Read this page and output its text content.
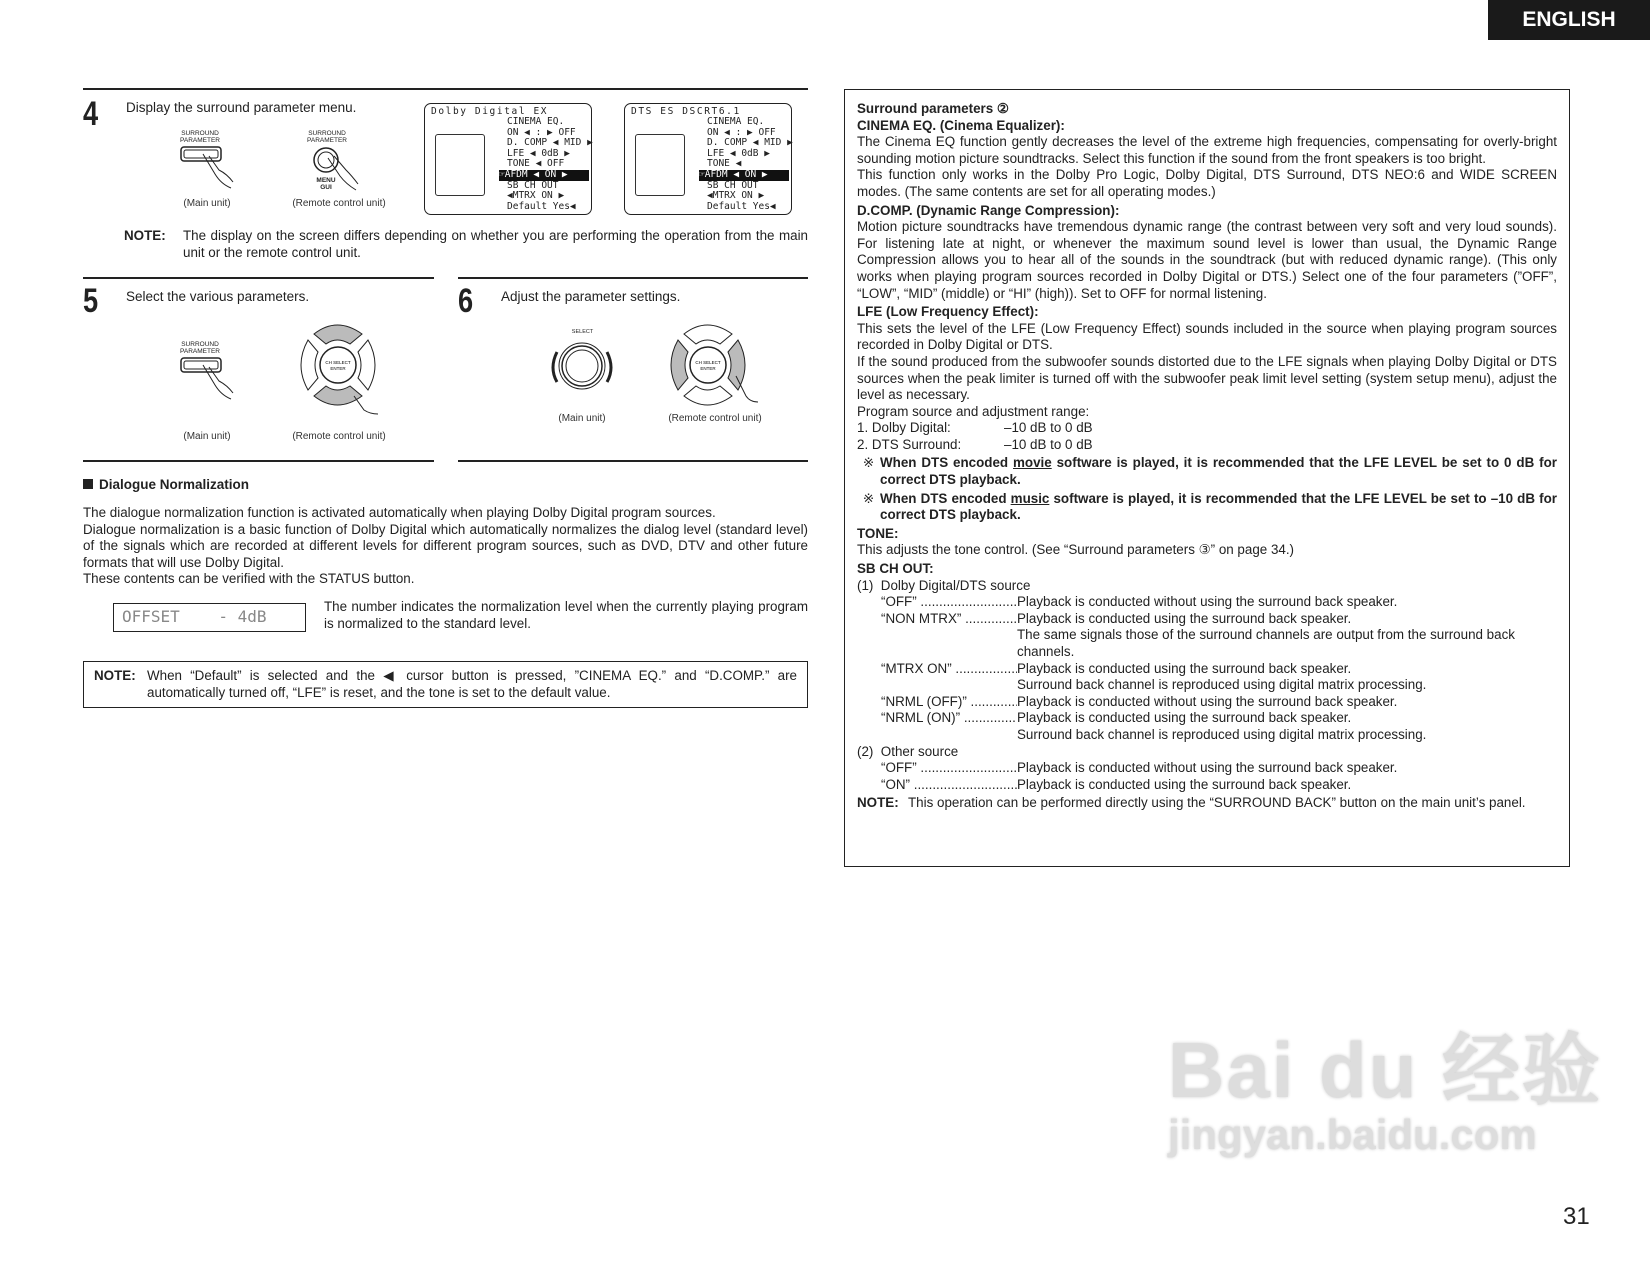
ENGLISH
4 Display the surround parameter menu.
SURROUND PARAMETER
SURROUND PARAMETER
MENU GUI
(Main unit)	(Remote control unit)
Dolby Digital EX
CINEMA EQ.
ON ◀ : ▶ OFF
D. COMP ◀ MID ▶
LFE ◀ 0dB ▶
TONE ◀ OFF
☞AFDM ◀ ON ▶
SB CH OUT
◀MTRX ON ▶
Default Yes◀
DTS ES DSCRT6.1
CINEMA EQ.
ON ◀ : ▶ OFF
D. COMP ◀ MID ▶
LFE ◀ 0dB ▶
TONE ◀
☞AFDM ◀ ON ▶
SB CH OUT
◀MTRX ON ▶
Default Yes◀
NOTE:	The display on the screen differs depending on whether you are performing the operation from the main unit or the remote control unit.
5 Select the various parameters.
SURROUND PARAMETER
CH SELECT
ENTER
(Main unit)	(Remote control unit)
6 Adjust the parameter settings.
SELECT
CH SELECT
ENTER
(Main unit)	(Remote control unit)
Dialogue Normalization

The dialogue normalization function is activated automatically when playing Dolby Digital program sources.

Dialogue normalization is a basic function of Dolby Digital which automatically normalizes the dialog level (standard level) of the signals which are recorded at different levels for different program sources, such as DVD, DTV and other future formats that will use Dolby Digital.

These contents can be verified with the STATUS button.

OFFSET    - 4dB
The number indicates the normalization level when the currently playing program is normalized to the standard level.
NOTE: When “Default” is selected and the ◀ cursor button is pressed, ”CINEMA EQ.” and “D.COMP.” are automatically turned off, “LFE” is reset, and the tone is set to the default value.
Surround parameters ②
CINEMA EQ. (Cinema Equalizer):

The Cinema EQ function gently decreases the level of the extreme high frequencies, compensating for overly-bright sounding motion picture soundtracks. Select this function if the sound from the front speakers is too bright.

This function only works in the Dolby Pro Logic, Dolby Digital, DTS Surround, DTS NEO:6 and WIDE SCREEN modes. (The same contents are set for all operating modes.)

D.COMP. (Dynamic Range Compression):

Motion picture soundtracks have tremendous dynamic range (the contrast between very soft and very loud sounds). For listening late at night, or whenever the maximum sound level is lower than usual, the Dynamic Range Compression allows you to hear all of the sounds in the soundtrack (but with reduced dynamic range). (This only works when playing program sources recorded in Dolby Digital or DTS.) Select one of the four parameters (”OFF”, “LOW”, “MID” (middle) or “HI” (high)). Set to OFF for normal listening.

LFE (Low Frequency Effect):

This sets the level of the LFE (Low Frequency Effect) sounds included in the source when playing program sources recorded in Dolby Digital or DTS.

If the sound produced from the subwoofer sounds distorted due to the LFE signals when playing Dolby Digital or DTS sources when the peak limiter is turned off with the subwoofer peak limit level setting (system setup menu), adjust the level as necessary.

Program source and adjustment range:

1. Dolby Digital:	–10 dB to 0 dB
2. DTS Surround:	–10 dB to 0 dB
※ When DTS encoded movie software is played, it is recommended that the LFE LEVEL be set to 0 dB for correct DTS playback.
※ When DTS encoded music software is played, it is recommended that the LFE LEVEL be set to –10 dB for correct DTS playback.
TONE:

This adjusts the tone control. (See “Surround parameters ③” on page 34.)

SB CH OUT:
(1)  Dolby Digital/DTS source
“OFF” .....	Playback is conducted without using the surround back speaker.
“NON MTRX” .....	Playback is conducted using the surround back speaker.
The same signals those of the surround channels are output from the surround back channels.
“MTRX ON” .....	Playback is conducted using the surround back speaker.
Surround back channel is reproduced using digital matrix processing.
“NRML (OFF)” .....	Playback is conducted without using the surround back speaker.
“NRML (ON)” .....	Playback is conducted using the surround back speaker.
Surround back channel is reproduced using digital matrix processing.
(2)  Other source
“OFF” .....	Playback is conducted without using the surround back speaker.
“ON” .....	Playback is conducted using the surround back speaker.
NOTE: This operation can be performed directly using the “SURROUND BACK” button on the main unit’s panel.
Bai du 经验
jingyan.baidu.com
31
